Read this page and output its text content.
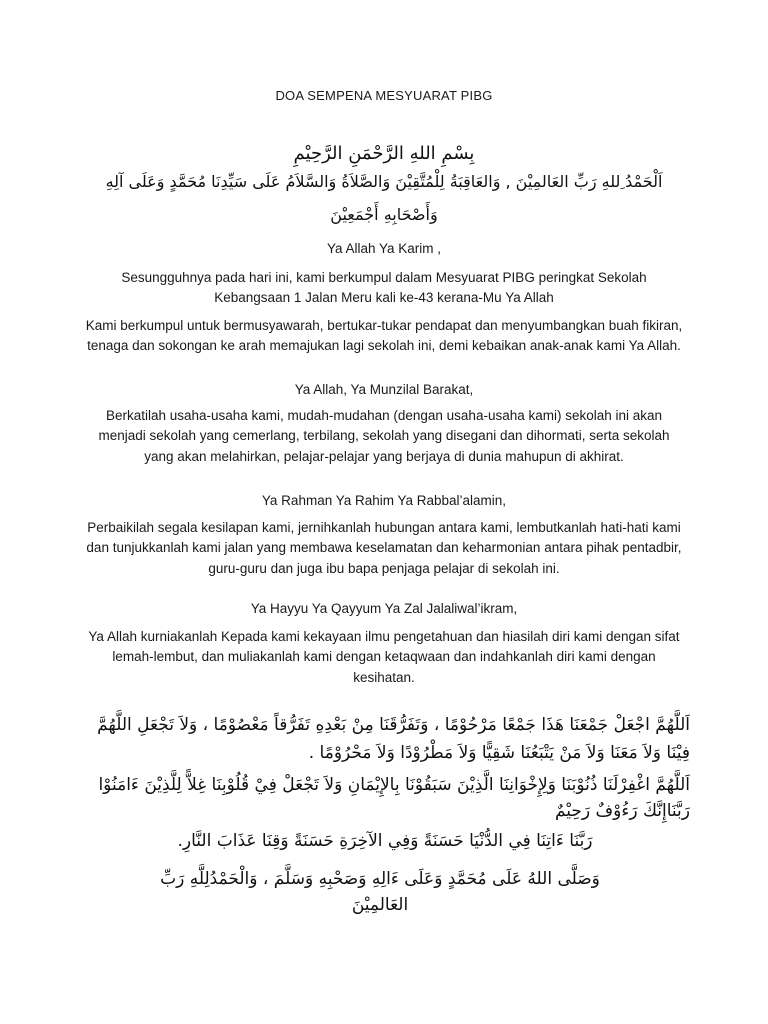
DOA SEMPENA MESYUARAT PIBG
بِسْمِ اللهِ الرَّحْمَنِ الرَّحِيْمِ
اَلْحَمْدُ ِللهِ رَبِّ العَالمِيْنَ , وَالعَاقِبَةُ لِلْمُتَّقِيْنَ وَالصَّلاَةُ وَالسَّلاَمُ عَلَى سَيِّدِنَا مُحَمَّدٍ وَعَلَى آلِهِ
وَأَصْحَابِهِ أَجْمَعِيْنَ
Ya Allah Ya Karim ,
Sesungguhnya pada hari ini, kami berkumpul dalam Mesyuarat PIBG peringkat Sekolah Kebangsaan 1 Jalan Meru kali ke-43 kerana-Mu Ya Allah
Kami berkumpul untuk bermusyawarah, bertukar-tukar pendapat dan menyumbangkan buah fikiran, tenaga dan sokongan ke arah memajukan lagi sekolah ini, demi kebaikan anak-anak kami Ya Allah.
Ya Allah, Ya Munzilal Barakat,
Berkatilah usaha-usaha kami, mudah-mudahan (dengan usaha-usaha kami) sekolah ini akan menjadi sekolah yang cemerlang, terbilang, sekolah yang disegani dan dihormati, serta sekolah yang akan melahirkan, pelajar-pelajar yang berjaya di dunia mahupun di akhirat.
Ya Rahman Ya Rahim Ya Rabbal’alamin,
Perbaikilah segala kesilapan kami, jernihkanlah hubungan antara kami, lembutkanlah hati-hati kami dan tunjukkanlah kami jalan yang membawa keselamatan dan keharmonian antara pihak pentadbir, guru-guru dan juga ibu bapa penjaga pelajar di sekolah ini.
Ya Hayyu Ya Qayyum Ya Zal Jalaliwal’ikram,
Ya Allah kurniakanlah Kepada kami kekayaan ilmu pengetahuan dan hiasilah diri kami dengan sifat lemah-lembut, dan muliakanlah kami dengan ketaqwaan dan indahkanlah diri kami dengan kesihatan.
اَللَّهُمَّ اجْعَلْ جَمْعَنَا هَذَا جَمْعًا مَرْحُوْمًا ، وَتَفَرُّقَنَا مِنْ بَعْدِهِ تَفَرُّقاً مَعْصُوْمًا ، وَلاَ تَجْعَلِ اللَّهُمَّ
فِيْنَا وَلاَ مَعَنَا وَلاَ مَنْ يَتْبَعُنَا شَقِيًّا وَلاَ مَطْرُوْدًا وَلاَ مَحْرُوْمًا .
اَللَّهُمَّ اغْفِرْلَنَا ذُنُوْبَنَا وَلِإِخْوَانِنَا الَّذِيْنَ سَبَقُوْنَا بِالإِيْمَانِ وَلاَ تَجْعَلْ فِيْ قُلُوْبِنَا غِلاًّ لِلَّذِيْنَ ءَامَنُوْا
رَبَّنَاإِنَّكَ رَءُوْفٌ رَحِيْمٌ
رَبَّنَا ءَاتِنَا فِي الدُّنْيَا حَسَنَةً وَفِي الآخِرَةِ حَسَنَةً وَقِنَا عَذَابَ النَّارِ.
وَصَلَّى اللهُ عَلَى مُحَمَّدٍ وَعَلَى ءَالِهِ وَصَحْبِهِ وَسَلَّمَ ، وَالْحَمْدُلِلَّهِ رَبِّ العَالمِيْنَ
